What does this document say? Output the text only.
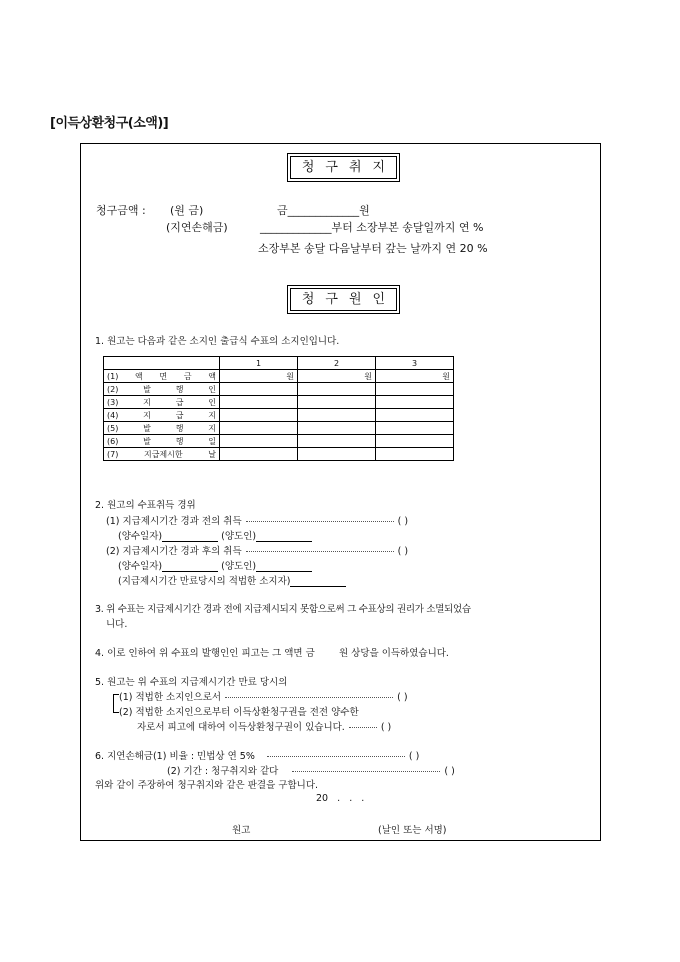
[이득상환청구(소액)]
청구취지
청구금액 : (원 금)	금_____________원
(지연손해금)	_____________부터 소장부본 송달일까지 연 %
소장부본 송달 다음날부터 갚는 날까지 연 20 %
청구원인
1. 원고는 다음과 같은 소지인 출급식 수표의 소지인입니다.
	1	2	3
(1) 액 면 금 액	원	원	원
(2) 발 행 인			
(3) 지 급 인			
(4) 지 급 지			
(5) 발 행 지			
(6) 발 행 일			
(7) 지급제시한 날			
2. 원고의 수표취득 경위
(1) 지급제시기간 경과 전의 취득	( )
(양수일자)	(양도인)
(2) 지급제시기간 경과 후의 취득	( )
(양수일자)	(양도인)
(지급제시기간 만료당시의 적법한 소지자)
3. 위 수표는 지급제시기간 경과 전에 지급제시되지 못함으로써 그 수표상의 권리가 소멸되었습
니다.
4. 이로 인하여 위 수표의 발행인인 피고는 그 액면 금        원 상당을 이득하였습니다.
5. 원고는 위 수표의 지급제시기간 만료 당시의
(1) 적법한 소지인으로서	( )
(2) 적법한 소지인으로부터 이득상환청구권을 전전 양수한
자로서 피고에 대하여 이득상환청구권이 있습니다.	( )
6. 지연손해금(1) 비율 : 민법상 연 5%	( )
(2) 기간 : 청구취지와 같다	( )
위와 같이 주장하여 청구취지와 같은 판결을 구합니다.
20   .   .   .
원고	(날인 또는 서명)
